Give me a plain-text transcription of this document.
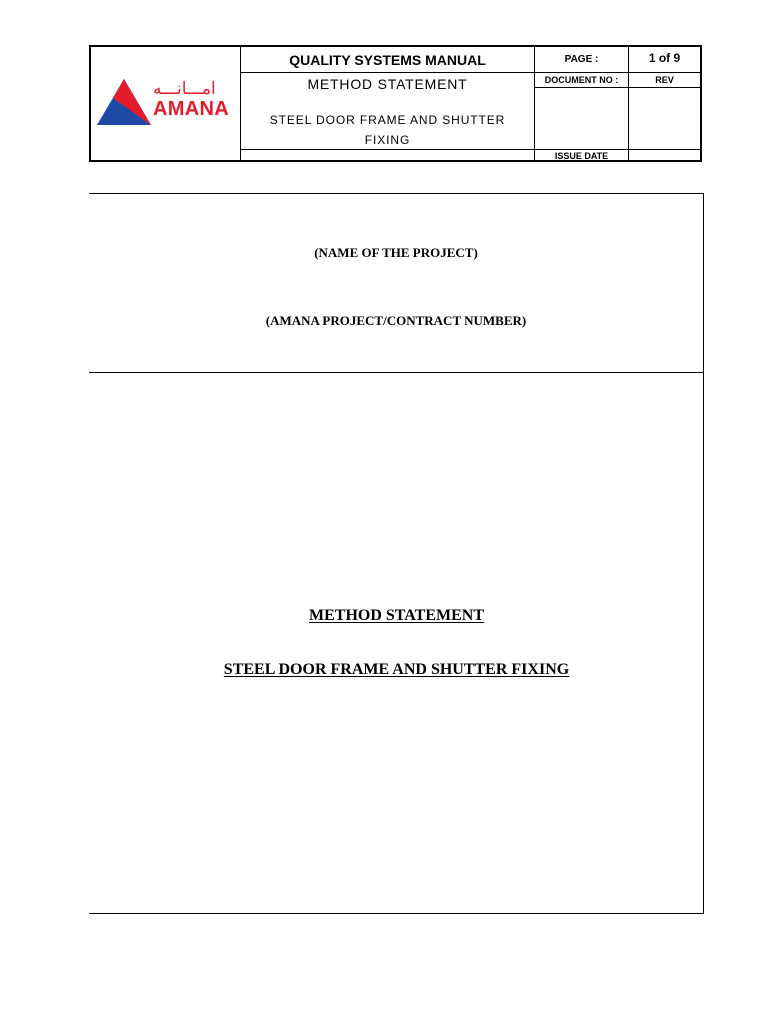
امـــانـــه
AMANA
QUALITY SYSTEMS MANUAL
METHOD STATEMENT
STEEL DOOR FRAME AND SHUTTER
FIXING
PAGE :	1 of 9
DOCUMENT NO :	REV
ISSUE DATE
(NAME OF THE PROJECT)
(AMANA PROJECT/CONTRACT NUMBER)
METHOD STATEMENT
STEEL DOOR FRAME AND SHUTTER FIXING
